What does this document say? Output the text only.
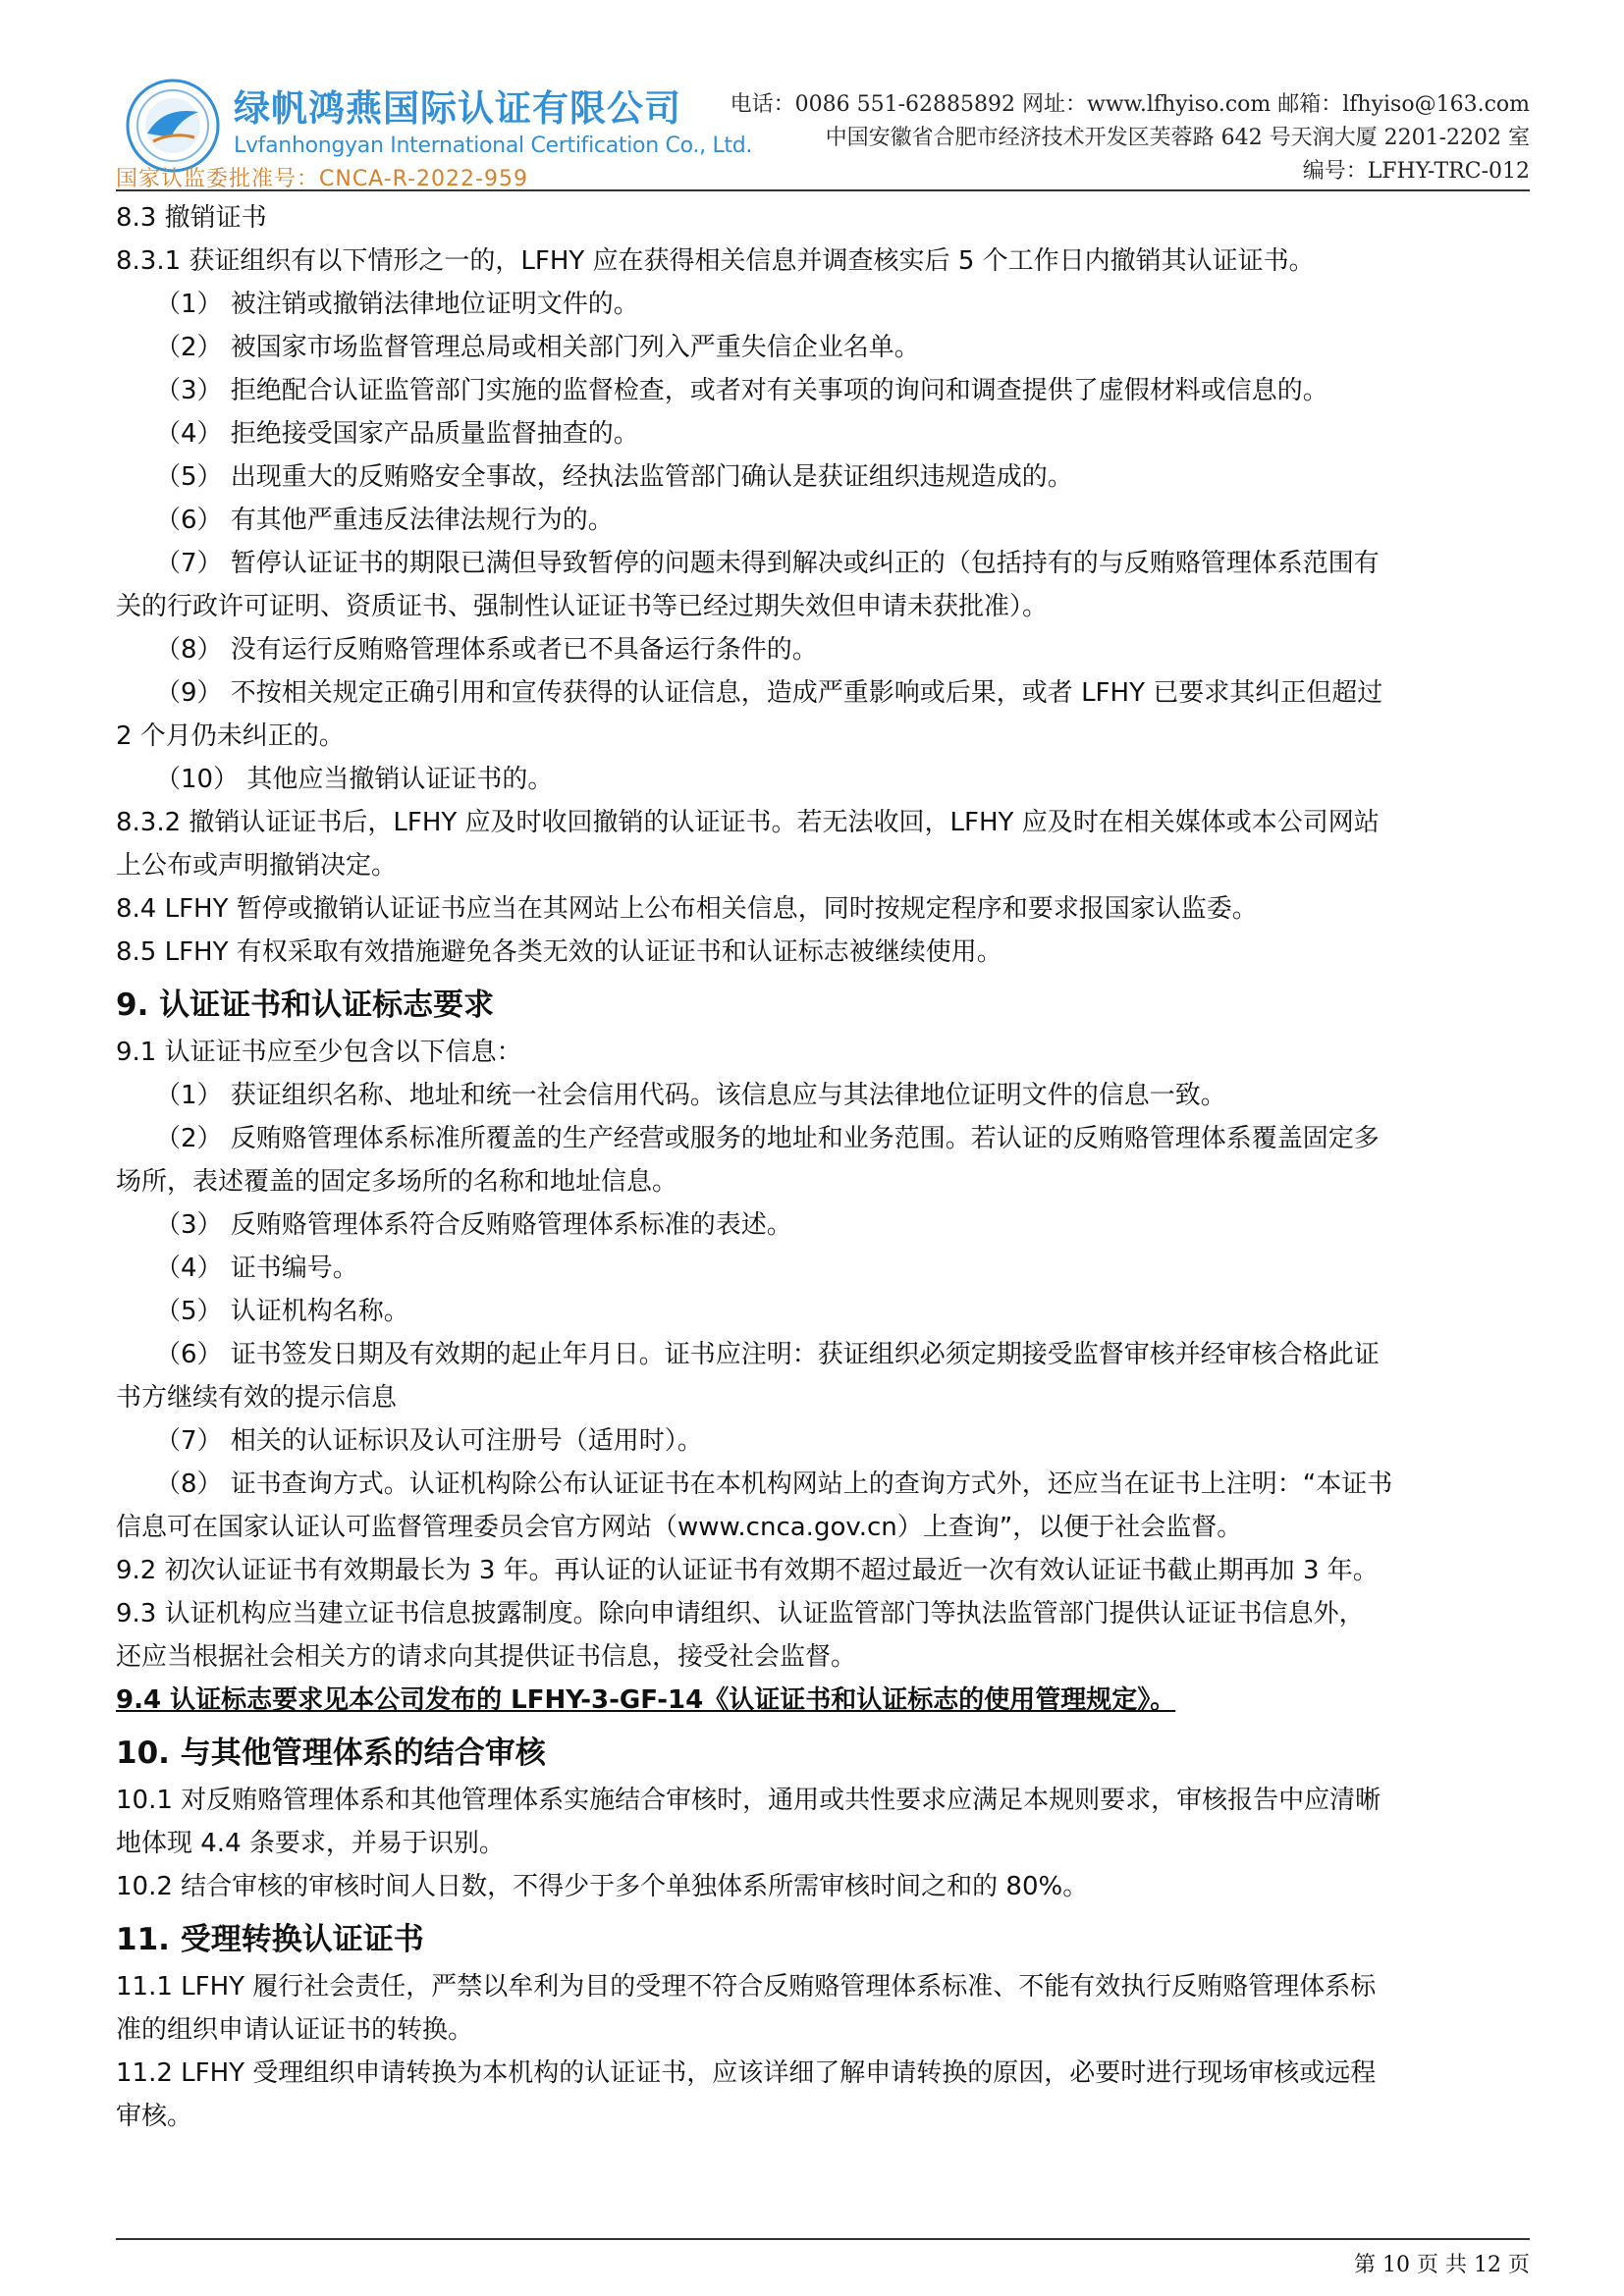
绿帆鸿燕国际认证有限公司
Lvfanhongyan International Certification Co., Ltd.
国家认监委批准号：CNCA-R-2022-959
电话：0086 551-62885892 网址：www.lfhyiso.com 邮箱：lfhyiso@163.com
中国安徽省合肥市经济技术开发区芙蓉路 642 号天润大厦 2201-2202 室
编号：LFHY-TRC-012

8.3 撤销证书

8.3.1 获证组织有以下情形之一的，LFHY 应在获得相关信息并调查核实后 5 个工作日内撤销其认证证书。

（1） 被注销或撤销法律地位证明文件的。

（2） 被国家市场监督管理总局或相关部门列入严重失信企业名单。

（3） 拒绝配合认证监管部门实施的监督检查，或者对有关事项的询问和调查提供了虚假材料或信息的。

（4） 拒绝接受国家产品质量监督抽查的。

（5） 出现重大的反贿赂安全事故，经执法监管部门确认是获证组织违规造成的。

（6） 有其他严重违反法律法规行为的。

（7） 暂停认证证书的期限已满但导致暂停的问题未得到解决或纠正的（包括持有的与反贿赂管理体系范围有

关的行政许可证明、资质证书、强制性认证证书等已经过期失效但申请未获批准）。

（8） 没有运行反贿赂管理体系或者已不具备运行条件的。

（9） 不按相关规定正确引用和宣传获得的认证信息，造成严重影响或后果，或者 LFHY 已要求其纠正但超过

2 个月仍未纠正的。

（10） 其他应当撤销认证证书的。

8.3.2 撤销认证证书后，LFHY 应及时收回撤销的认证证书。若无法收回，LFHY 应及时在相关媒体或本公司网站

上公布或声明撤销决定。

8.4 LFHY 暂停或撤销认证证书应当在其网站上公布相关信息，同时按规定程序和要求报国家认监委。

8.5 LFHY 有权采取有效措施避免各类无效的认证证书和认证标志被继续使用。

9. 认证证书和认证标志要求

9.1 认证证书应至少包含以下信息：

（1） 获证组织名称、地址和统一社会信用代码。该信息应与其法律地位证明文件的信息一致。

（2） 反贿赂管理体系标准所覆盖的生产经营或服务的地址和业务范围。若认证的反贿赂管理体系覆盖固定多

场所，表述覆盖的固定多场所的名称和地址信息。

（3） 反贿赂管理体系符合反贿赂管理体系标准的表述。

（4） 证书编号。

（5） 认证机构名称。

（6） 证书签发日期及有效期的起止年月日。证书应注明：获证组织必须定期接受监督审核并经审核合格此证

书方继续有效的提示信息

（7） 相关的认证标识及认可注册号（适用时）。

（8） 证书查询方式。认证机构除公布认证证书在本机构网站上的查询方式外，还应当在证书上注明：“本证书

信息可在国家认证认可监督管理委员会官方网站（www.cnca.gov.cn）上查询”，以便于社会监督。

9.2 初次认证证书有效期最长为 3 年。再认证的认证证书有效期不超过最近一次有效认证证书截止期再加 3 年。

9.3 认证机构应当建立证书信息披露制度。除向申请组织、认证监管部门等执法监管部门提供认证证书信息外，

还应当根据社会相关方的请求向其提供证书信息，接受社会监督。

9.4 认证标志要求见本公司发布的 LFHY-3-GF-14《认证证书和认证标志的使用管理规定》。

10. 与其他管理体系的结合审核

10.1 对反贿赂管理体系和其他管理体系实施结合审核时，通用或共性要求应满足本规则要求，审核报告中应清晰

地体现 4.4 条要求，并易于识别。

10.2 结合审核的审核时间人日数，不得少于多个单独体系所需审核时间之和的 80%。

11. 受理转换认证证书

11.1 LFHY 履行社会责任，严禁以牟利为目的受理不符合反贿赂管理体系标准、不能有效执行反贿赂管理体系标

准的组织申请认证证书的转换。

11.2 LFHY 受理组织申请转换为本机构的认证证书，应该详细了解申请转换的原因，必要时进行现场审核或远程

审核。

第 10 页 共 12 页
